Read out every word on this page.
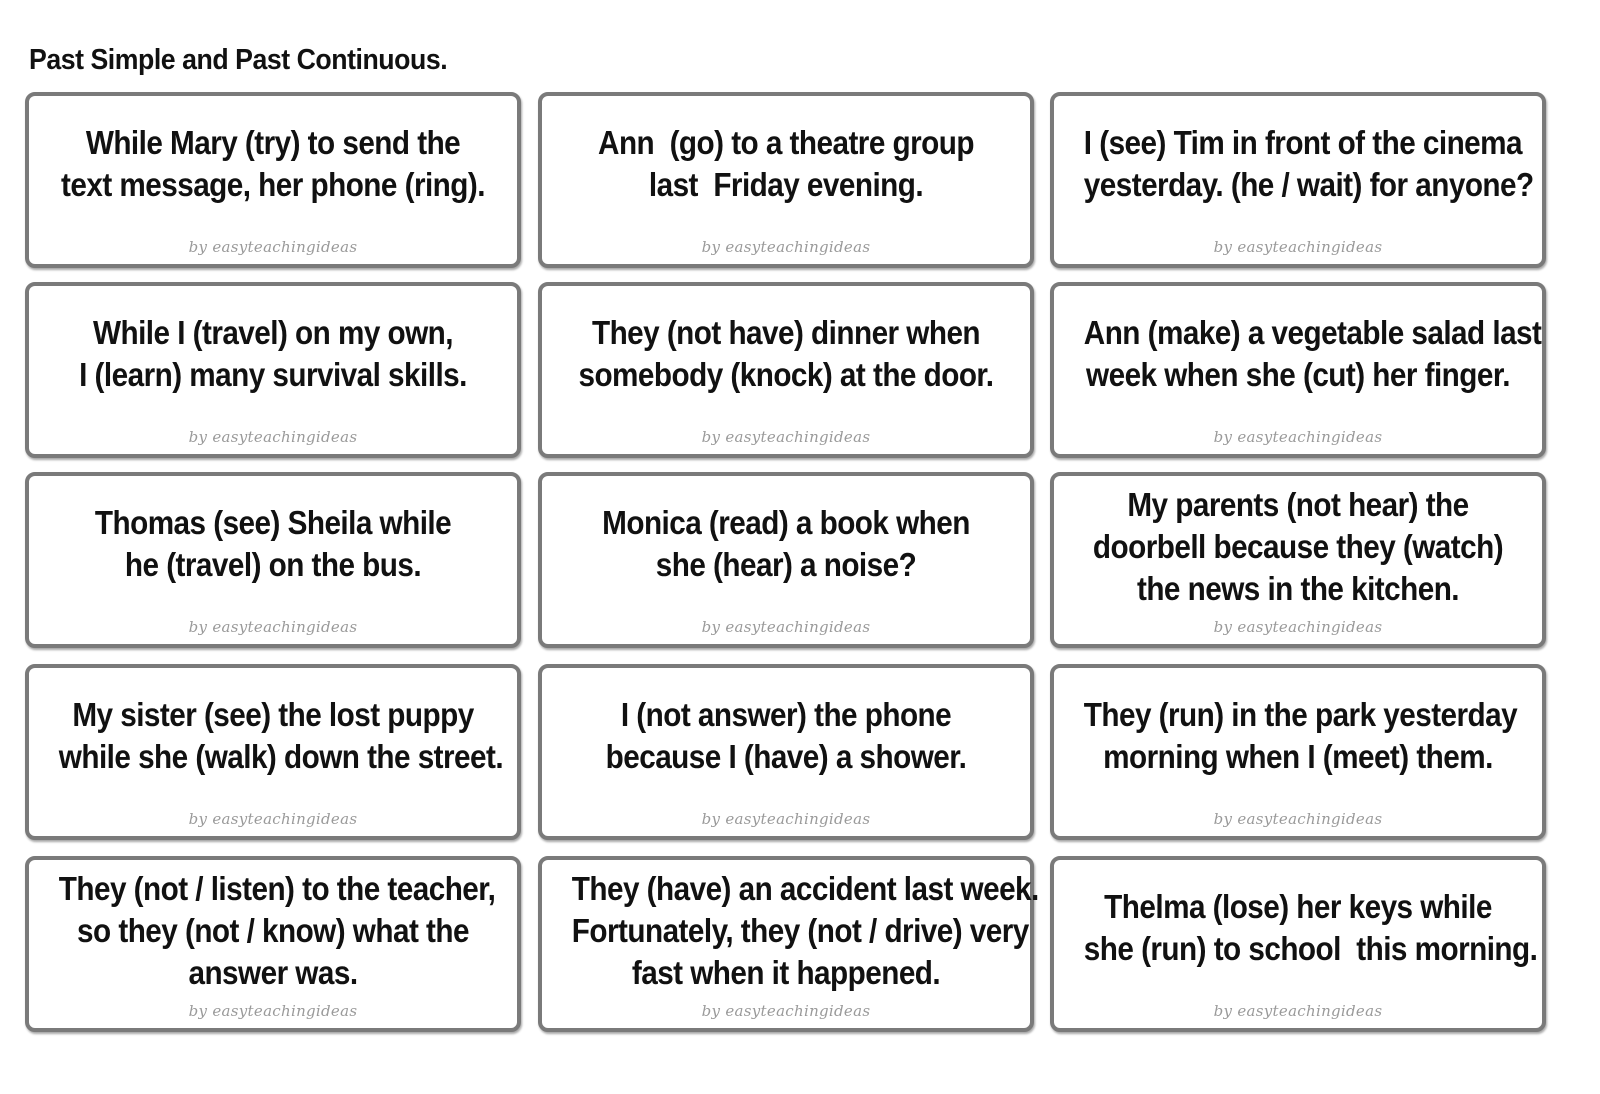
Past Simple and Past Continuous.
While Mary (try) to send the
text message, her phone (ring).
by easyteachingideas
Ann  (go) to a theatre group
last  Friday evening.
by easyteachingideas
I (see) Tim in front of the cinema
yesterday. (he / wait) for anyone?
by easyteachingideas
While I (travel) on my own,
I (learn) many survival skills.
by easyteachingideas
They (not have) dinner when
somebody (knock) at the door.
by easyteachingideas
Ann (make) a vegetable salad last
week when she (cut) her finger.
by easyteachingideas
Thomas (see) Sheila while
he (travel) on the bus.
by easyteachingideas
Monica (read) a book when
she (hear) a noise?
by easyteachingideas
My parents (not hear) the
doorbell because they (watch)
the news in the kitchen.
by easyteachingideas
My sister (see) the lost puppy
while she (walk) down the street.
by easyteachingideas
I (not answer) the phone
because I (have) a shower.
by easyteachingideas
They (run) in the park yesterday
morning when I (meet) them.
by easyteachingideas
They (not / listen) to the teacher,
so they (not / know) what the
answer was.
by easyteachingideas
They (have) an accident last week.
Fortunately, they (not / drive) very
fast when it happened.
by easyteachingideas
Thelma (lose) her keys while
she (run) to school  this morning.
by easyteachingideas
